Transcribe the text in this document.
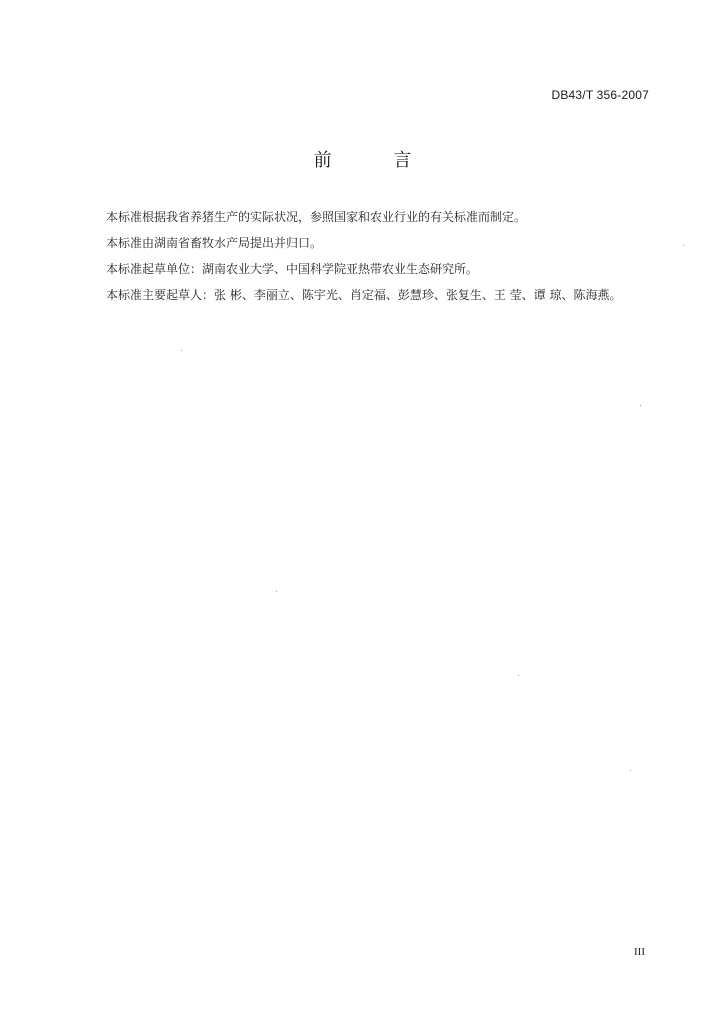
DB43/T 356-2007
前 言
本标准根据我省养猪生产的实际状况，参照国家和农业行业的有关标准而制定。
本标准由湖南省畜牧水产局提出并归口。
本标准起草单位：湖南农业大学、中国科学院亚热带农业生态研究所。
本标准主要起草人：张 彬、李丽立、陈宇光、肖定福、彭慧珍、张复生、王 莹、谭 琼、陈海燕。
III
